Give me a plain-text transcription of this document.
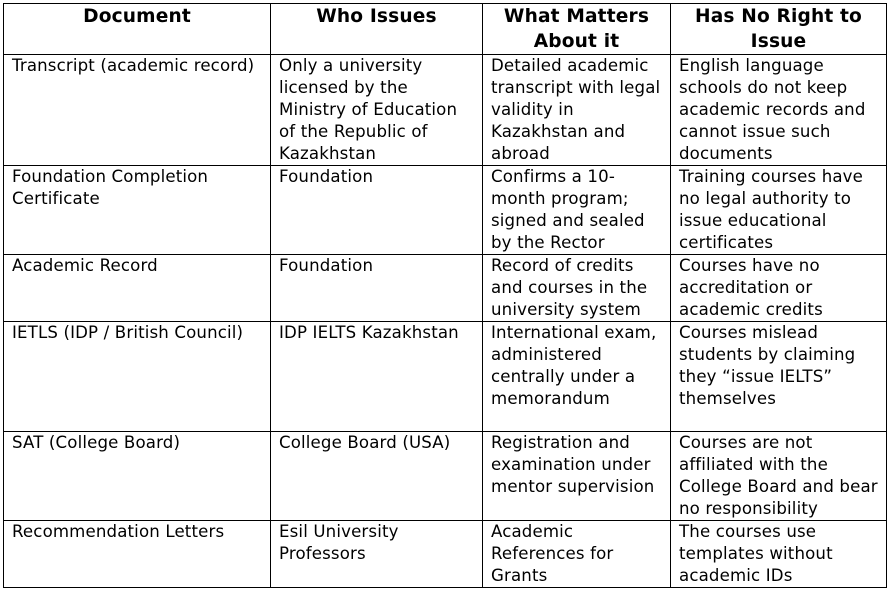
Document	Who Issues	What Matters About it	Has No Right to Issue
Transcript (academic record)	Only a university licensed by the Ministry of Education of the Republic of Kazakhstan	Detailed academic transcript with legal validity in Kazakhstan and abroad	English language schools do not keep academic records and cannot issue such documents
Foundation Completion Certificate	Foundation	Confirms a 10-month program; signed and sealed by the Rector	Training courses have no legal authority to issue educational certificates
Academic Record	Foundation	Record of credits and courses in the university system	Courses have no accreditation or academic credits
IETLS (IDP / British Council)	IDP IELTS Kazakhstan	International exam, administered centrally under a memorandum	Courses mislead students by claiming they “issue IELTS” themselves
SAT (College Board)	College Board (USA)	Registration and examination under mentor supervision	Courses are not affiliated with the College Board and bear no responsibility
Recommendation Letters	Esil University Professors	Academic References for Grants	The courses use templates without academic IDs
